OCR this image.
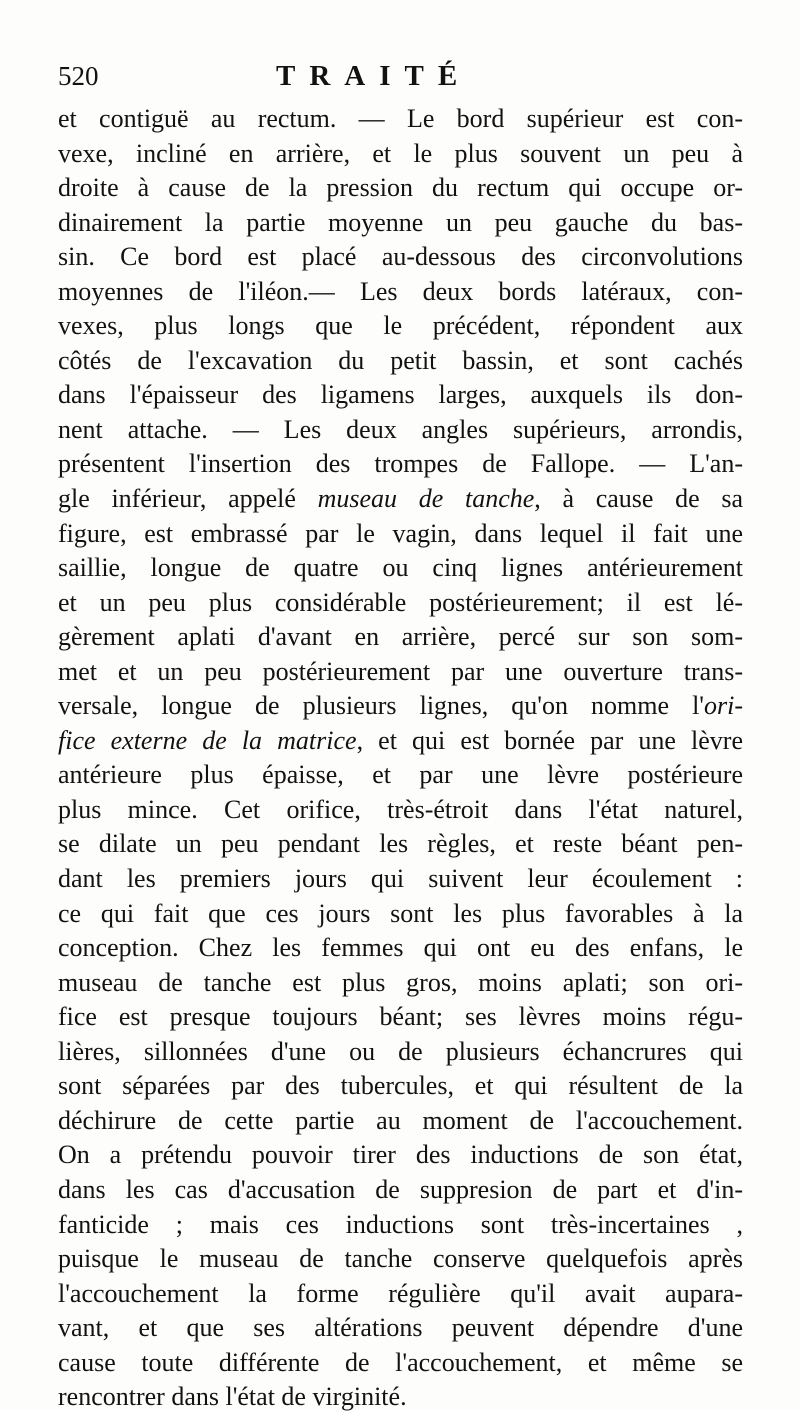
520	TRAITÉ
et contiguë au rectum. — Le bord supérieur est con-
vexe, incliné en arrière, et le plus souvent un peu à
droite à cause de la pression du rectum qui occupe or-
dinairement la partie moyenne un peu gauche du bas-
sin. Ce bord est placé au-dessous des circonvolutions
moyennes de l'iléon.— Les deux bords latéraux, con-
vexes, plus longs que le précédent, répondent aux
côtés de l'excavation du petit bassin, et sont cachés
dans l'épaisseur des ligamens larges, auxquels ils don-
nent attache. — Les deux angles supérieurs, arrondis,
présentent l'insertion des trompes de Fallope. — L'an-
gle inférieur, appelé museau de tanche, à cause de sa
figure, est embrassé par le vagin, dans lequel il fait une
saillie, longue de quatre ou cinq lignes antérieurement
et un peu plus considérable postérieurement; il est lé-
gèrement aplati d'avant en arrière, percé sur son som-
met et un peu postérieurement par une ouverture trans-
versale, longue de plusieurs lignes, qu'on nomme l'ori-
fice externe de la matrice, et qui est bornée par une lèvre
antérieure plus épaisse, et par une lèvre postérieure
plus mince. Cet orifice, très-étroit dans l'état naturel,
se dilate un peu pendant les règles, et reste béant pen-
dant les premiers jours qui suivent leur écoulement :
ce qui fait que ces jours sont les plus favorables à la
conception. Chez les femmes qui ont eu des enfans, le
museau de tanche est plus gros, moins aplati; son ori-
fice est presque toujours béant; ses lèvres moins régu-
lières, sillonnées d'une ou de plusieurs échancrures qui
sont séparées par des tubercules, et qui résultent de la
déchirure de cette partie au moment de l'accouchement.
On a prétendu pouvoir tirer des inductions de son état,
dans les cas d'accusation de suppresion de part et d'in-
fanticide ; mais ces inductions sont très-incertaines ,
puisque le museau de tanche conserve quelquefois après
l'accouchement la forme régulière qu'il avait aupara-
vant, et que ses altérations peuvent dépendre d'une
cause toute différente de l'accouchement, et même se
rencontrer dans l'état de virginité.
